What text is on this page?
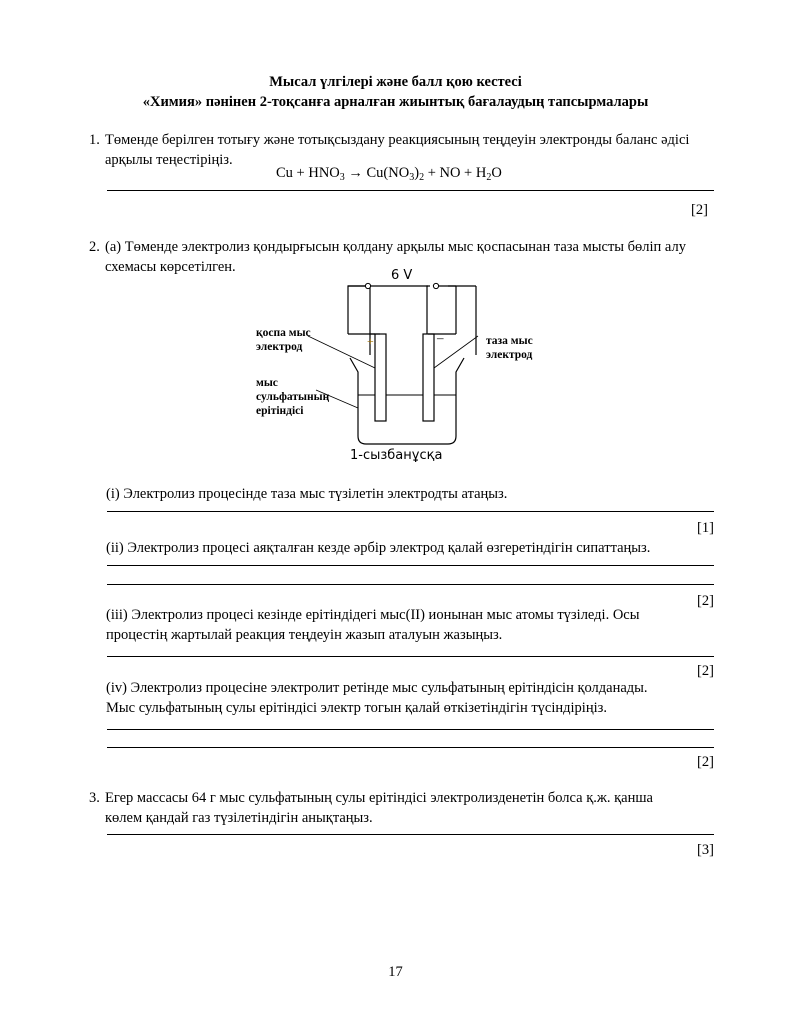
Мысал үлгілері және балл қою кестесі
«Химия» пәнінен 2-тоқсанға арналған жиынтық бағалаудың тапсырмалары
1. Төменде берілген тотығу және тотықсыздану реакциясының теңдеуін электронды баланс әдісі
арқылы теңестіріңіз.
$Cu + HNO_3 \to Cu(NO_3)_2$ + NO + $H_2O$
[2]
2. (a) Төменде электролиз қондырғысын қолдану арқылы мыс қоспасынан таза мысты бөліп алу
схемасы көрсетілген.
6 V
+	–
қоспа мыс
электрод	таза мыс
электрод
мыс
сульфатының
ерітіндісі
1-сызбанұсқа
(i) Электролиз процесінде таза мыс түзілетін электродты атаңыз.
[1]
(ii) Электролиз процесі аяқталған кезде әрбір электрод қалай өзгеретіндігін сипаттаңыз.
[2]
(iii) Электролиз процесі кезінде ерітіндідегі мыс(II) ионынан мыс атомы түзіледі. Осы
процестің жартылай реакция теңдеуін жазып аталуын жазыңыз.
[2]
(iv) Электролиз процесіне электролит ретінде мыс сульфатының ерітіндісін қолданады.
Мыс сульфатының сулы ерітіндісі электр тогын қалай өткізетіндігін түсіндіріңіз.
[2]
3. Егер массасы 64 г мыс сульфатының сулы ерітіндісі электролизденетін болса қ.ж. қанша
көлем қандай газ түзілетіндігін анықтаңыз.
[3]
17
